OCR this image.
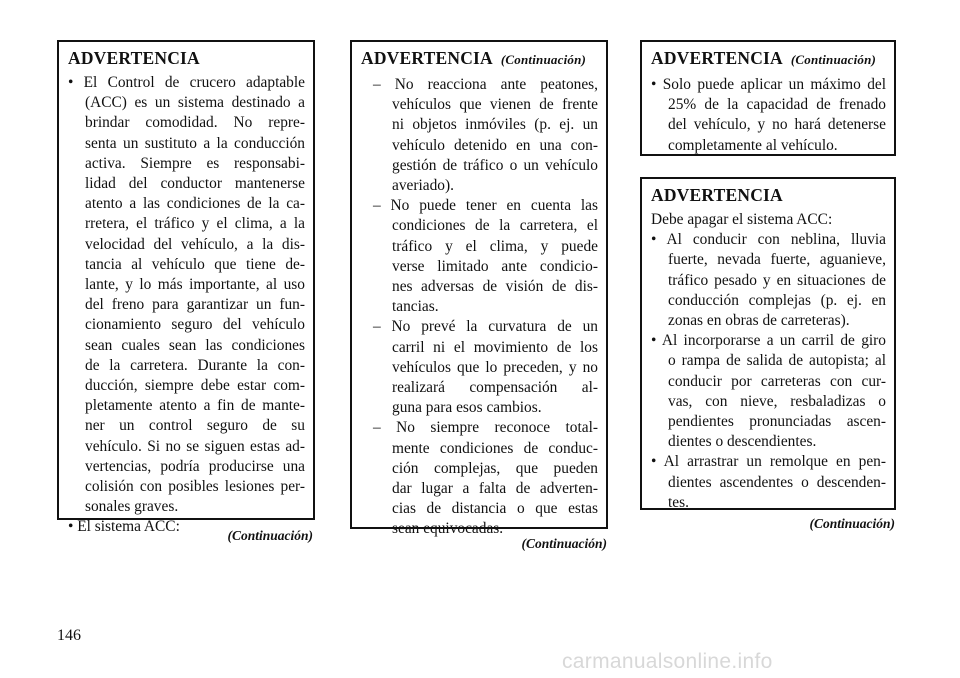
ADVERTENCIA
• El Control de crucero adaptable
(ACC) es un sistema destinado a
brindar comodidad. No repre-
senta un sustituto a la conducción
activa. Siempre es responsabi-
lidad del conductor mantenerse
atento a las condiciones de la ca-
rretera, el tráfico y el clima, a la
velocidad del vehículo, a la dis-
tancia al vehículo que tiene de-
lante, y lo más importante, al uso
del freno para garantizar un fun-
cionamiento seguro del vehículo
sean cuales sean las condiciones
de la carretera. Durante la con-
ducción, siempre debe estar com-
pletamente atento a fin de mante-
ner un control seguro de su
vehículo. Si no se siguen estas ad-
vertencias, podría producirse una
colisión con posibles lesiones per-
sonales graves.
• El sistema ACC:
(Continuación)
ADVERTENCIA (Continuación)
– No reacciona ante peatones,
vehículos que vienen de frente
ni objetos inmóviles (p. ej. un
vehículo detenido en una con-
gestión de tráfico o un vehículo
averiado).
– No puede tener en cuenta las
condiciones de la carretera, el
tráfico y el clima, y puede
verse limitado ante condicio-
nes adversas de visión de dis-
tancias.
– No prevé la curvatura de un
carril ni el movimiento de los
vehículos que lo preceden, y no
realizará compensación al-
guna para esos cambios.
– No siempre reconoce total-
mente condiciones de conduc-
ción complejas, que pueden
dar lugar a falta de adverten-
cias de distancia o que estas
sean equivocadas.
(Continuación)
ADVERTENCIA (Continuación)
• Solo puede aplicar un máximo del
25% de la capacidad de frenado
del vehículo, y no hará detenerse
completamente al vehículo.
ADVERTENCIA
Debe apagar el sistema ACC:
• Al conducir con neblina, lluvia
fuerte, nevada fuerte, aguanieve,
tráfico pesado y en situaciones de
conducción complejas (p. ej. en
zonas en obras de carreteras).
• Al incorporarse a un carril de giro
o rampa de salida de autopista; al
conducir por carreteras con cur-
vas, con nieve, resbaladizas o
pendientes pronunciadas ascen-
dientes o descendientes.
• Al arrastrar un remolque en pen-
dientes ascendentes o descenden-
tes.
(Continuación)
146
carmanualsonline.info
